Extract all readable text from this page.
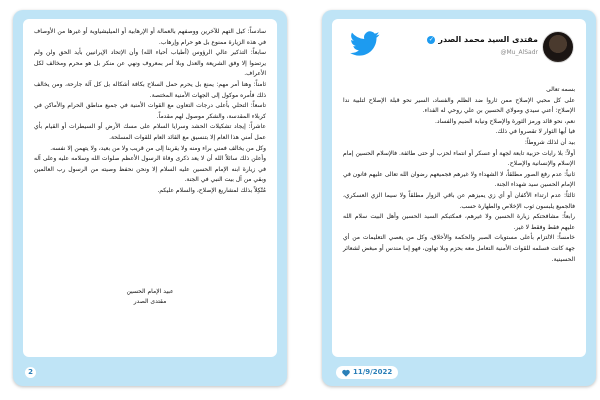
سادساً: كيل التهم للآخرين ووصفهم بالعمالة أو الإرهابية أو الميليشياوية أو غيرها من الأوصاف في هذه الزيارة ممنوع بل هو حرام وإرهاب.

سابعاً: التذكير عالي الرؤوس (أطياب أحياء الله) وأن الإتحاد الإيرانيين بأيد الحق ولن ولم يرتضوا إلا وفق الشريعة والعدل وبلا أمر بمعروف ونهي عن منكر بل هو محرم ومخالف لكل الأعراف.

ثامناً: وهنا أمر مهم: يمنع بل يحرم حمل السلاح بكافة أشكاله بل كل آلة جارحة، ومن يخالف ذلك فأمره موكول إلى الجهات الأمنية المختصة.

تاسعاً: التحلي بأعلى درجات التعاون مع القوات الأمنية في جميع مناطق الحرام والأماكن في كربلاء المقدسة، والشكر موصول لهم مقدماً.

عاشراً: إيجاد تشكيلات الحشد وسرايا السلام على مسك الأرض أو السيطرات أو القيام بأي عمل أمني هذا العام إلا بتنسيق مع القائد العام للقوات المسلحة.

وكل من يخالف فمني براء ومنه ولا يقربنا إلى من قريب ولا من بعيد، ولا يتهمن إلا نفسه.

وأعلن ذلك سائلاً الله أن لا يعد ذكرى وفاة الرسول الأعظم صلوات الله وسلامه عليه وعلى آله في زيارة ابنه الإمام الحسين عليه السلام إلا ونحن نحفظ وصيته من الرسول رب العالمين وبقي من آل بيت النبي في الجنة.

مُتّكِلاً بذلك لمشاريع الإصلاح، والسلام عليكم.

عبيد الإمام الحسين
مقتدى الصدر
2
مقتدى السيد محمد الصدر
✓
@Mu_AlSadr

بسمه تعالى

على كل محبي الإصلاح ممن ثاروا ضد الظلم والفساد، السير نحو قبلة الإصلاح لتلبية ندا الإصلاح: أعني سيدي ومولاي الحسين بن علي روحي له الفداء.

نعم، نحو قائد ورمز الثورة والإصلاح ونيابة الضيم والفساد.

فيا أيها الثوار لا تقصروا في ذلك.

بيد أن لذلك شروطاً:

أولاً: بلا رايات حزبية تابعة لجهة أو عسكر أو انتماء لحزب أو حتى طائفة. فالإسلام الحسين إمام الإسلام والإنسانية والإصلاح.

ثانياً: عدم رفع الصور مطلقاً، لا الشهداء ولا غيرهم فجميعهم رضوان الله تعالى عليهم فانون في الإمام الحسين سيد شهداء الجنة.

ثالثاً: عدم ارتداء الأكفان أو أي زي يميزهم عن باقي الزوار مطلقاً ولا سيما الزي العسكري، فالجميع يلبسون ثوب الإخلاص والطهارة حسب.

رابعاً: مشافحتكم زيارة الحسين ولا غيرهم، فمكتبكم السيد الحسين وأهل البيت سلام الله عليهم فقط وفقط لا غير.

خامساً: الالتزام بأعلى مستويات الصبر والحكمة والأخلاق، وكل من يعصي التعليمات من أي جهة كانت فسلمه للقوات الأمنية التعامل معه بحزم وبلا تهاون، فهو إما مندس أو مبغض لشعائر الحسينية.

11/9/2022
